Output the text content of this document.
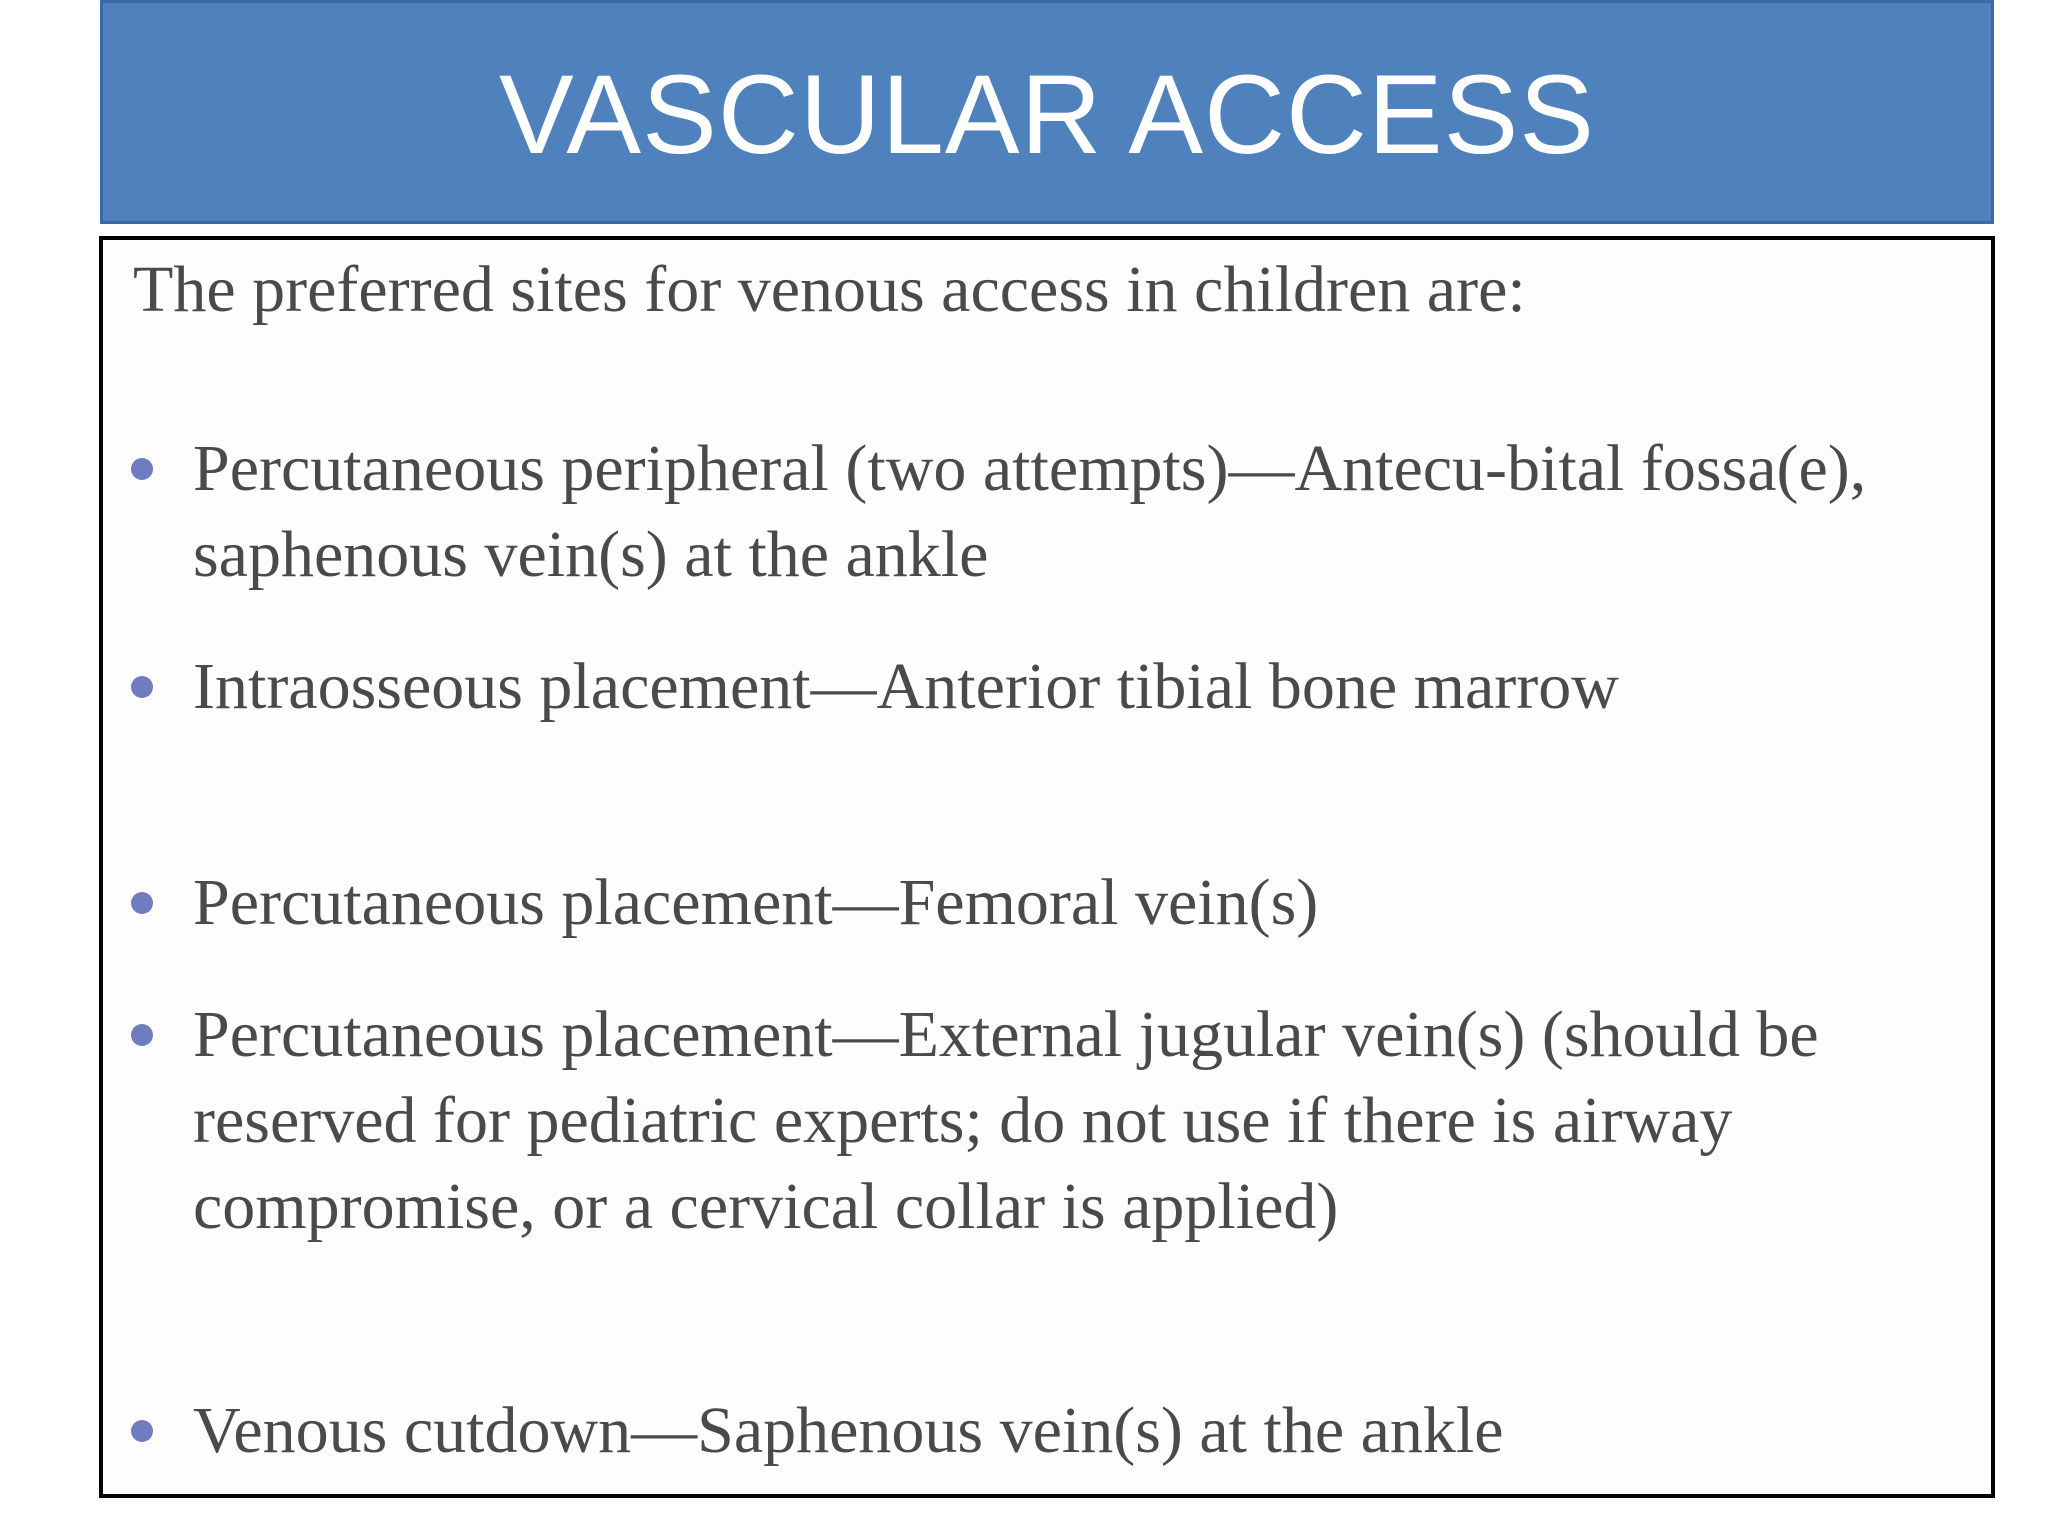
VASCULAR ACCESS
The preferred sites for venous access in children are:
Percutaneous peripheral (two attempts)—Antecu-bital fossa(e), saphenous vein(s) at the ankle
Intraosseous placement—Anterior tibial bone marrow
Percutaneous placement—Femoral vein(s)
Percutaneous placement—External jugular vein(s) (should be reserved for pediatric experts; do not use if there is airway compromise, or a cervical collar is applied)
Venous cutdown—Saphenous vein(s) at the ankle
